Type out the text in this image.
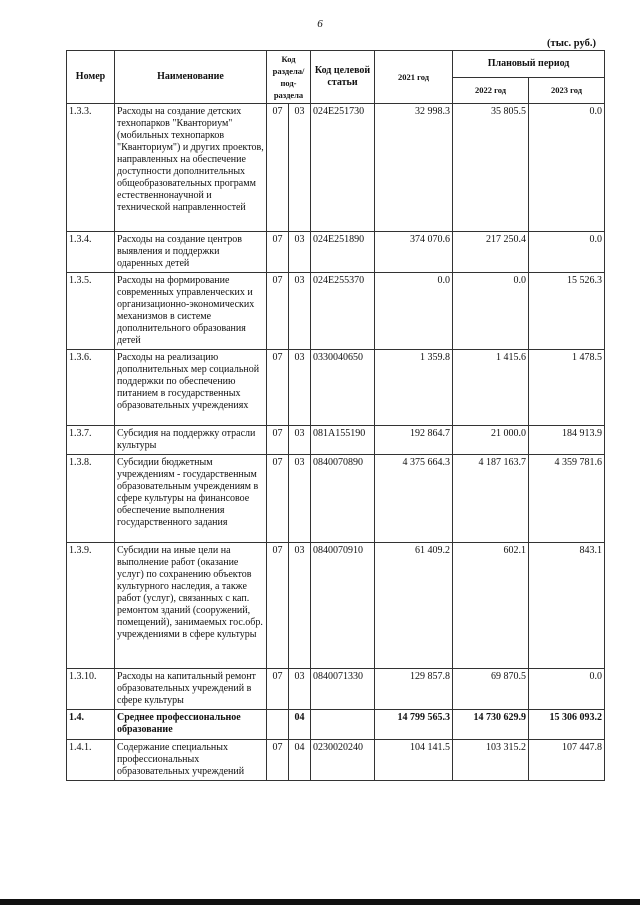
6
(тыс. руб.)
Номер	Наименование	Код раздела/ под- раздела		Код целевой статьи	2021 год	Плановый период	
						2022 год	2023 год
1.3.3.	Расходы на создание детских технопарков "Кванториум" (мобильных технопарков "Кванториум") и других проектов, направленных на обеспечение доступности дополнительных общеобразовательных программ естественнонаучной и технической направленностей	07	03	024E251730	32 998.3	35 805.5	0.0
1.3.4.	Расходы на создание центров выявления и поддержки одаренных детей	07	03	024E251890	374 070.6	217 250.4	0.0
1.3.5.	Расходы на формирование современных управленческих и организационно-экономических механизмов в системе дополнительного образования детей	07	03	024E255370	0.0	0.0	15 526.3
1.3.6.	Расходы на реализацию дополнительных мер социальной поддержки по обеспечению питанием в государственных образовательных учреждениях	07	03	0330040650	1 359.8	1 415.6	1 478.5
1.3.7.	Субсидия на поддержку отрасли культуры	07	03	081A155190	192 864.7	21 000.0	184 913.9
1.3.8.	Субсидии бюджетным учреждениям - государственным образовательным учреждениям в сфере культуры на финансовое обеспечение выполнения государственного задания	07	03	0840070890	4 375 664.3	4 187 163.7	4 359 781.6
1.3.9.	Субсидии на иные цели на выполнение работ (оказание услуг) по сохранению объектов культурного наследия, а также работ (услуг), связанных с кап. ремонтом зданий (сооружений, помещений), занимаемых гос.обр. учреждениями в сфере культуры	07	03	0840070910	61 409.2	602.1	843.1
1.3.10.	Расходы на капитальный ремонт образовательных учреждений в сфере культуры	07	03	0840071330	129 857.8	69 870.5	0.0
1.4.	Среднее профессиональное образование		04		14 799 565.3	14 730 629.9	15 306 093.2
1.4.1.	Содержание специальных профессиональных образовательных учреждений	07	04	0230020240	104 141.5	103 315.2	107 447.8
